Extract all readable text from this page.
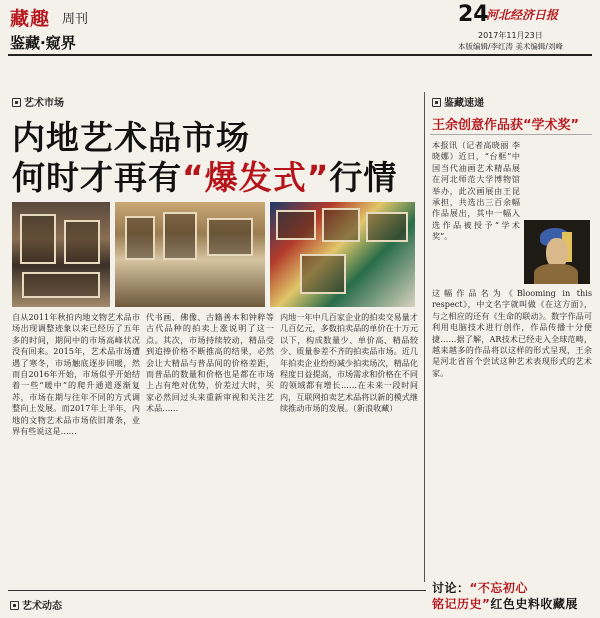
藏趣 周刊
鉴藏·窥界
24
河北经济日报
2017年11月23日
本版编辑/李红涛 美术编辑/刘峰
艺术市场
内地艺术品市场
何时才再有“爆发式”行情
自从2011年秋拍内地文物艺术品市场出现调整迹象以来已经历了五年多的时间，期间中的市场高峰状况没有回来。2015年，艺术品市场遭遇了寒冬，市场触底逐步回暖，然而自2016年开始，市场似乎开始结着一些“暖中”的爬升通道逐渐复苏，市场在期与往年不同的方式调整向上发展。而2017年上半年，内地的文物艺术品市场依旧萧条，业界有些说这是……
代书画、佛像、古籍善本和钟粹等古代品种的拍卖上涨说明了这一点。其次，市场持续较动，精品受到追捧价格不断推高的结果，必然会让大精品与普品间的价格差距，而普品的数量和价格也是都在市场上占有绝对优势，价差过大时，买家必然回过头来重新审视和关注艺术品……
内地一年中几百家企业的拍卖交易量才几百亿元，多数拍卖品的单价在十万元以下，构成数量少、单价高、精品较少、质量参差不齐的拍卖品市场。近几年拍卖企业纷纷减少拍卖场次，精品化程度日益提高，市场需求和价格在不同的领域都有增长……在未来一段时间内，互联网拍卖艺术品将以新的模式继续推动市场的发展。（新浪收藏）
鉴藏速递
王余创意作品获“学术奖”
本报讯（记者高晓丽 李晓娜）近日，“台框”中国当代油画艺术精品展在河北师范大学博物馆举办，此次画展由王昆承担，共选出三百余幅作品展出，其中一幅入选作品被授予“学术奖”。
这幅作品名为《Blooming in this respect》，中文名字就叫做《在这方面》，与之相应的还有《生命的联动》。数字作品可利用电脑技术进行创作，作品传播十分便捷……据了解，AR技术已经走入全球范畴，越来越多的作品将以这样的形式呈现，王余是河北省首个尝试这种艺术表现形式的艺术家。
讨论：“不忘初心
铭记历史”红色史料收藏展
艺术动态
